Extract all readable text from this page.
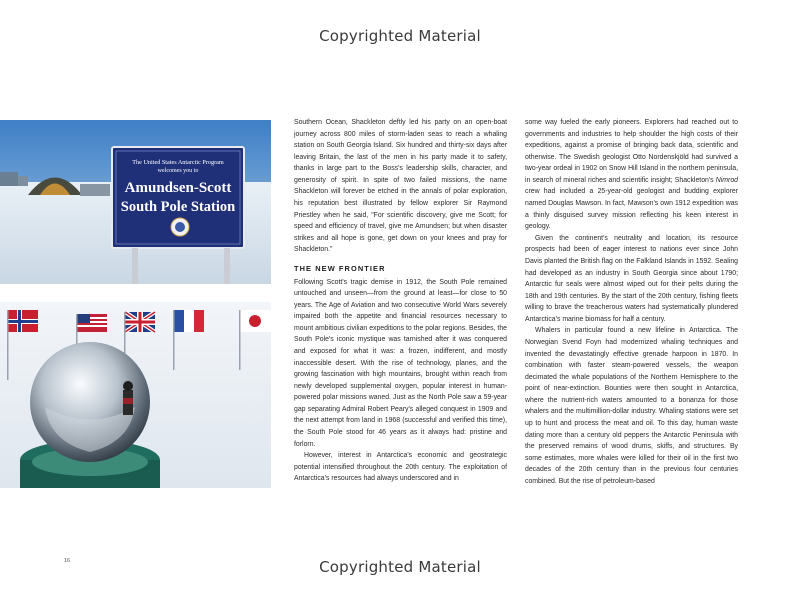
Copyrighted Material
The United States Antarctic Program
welcomes you to
Amundsen-Scott
South Pole Station

Southern Ocean, Shackleton deftly led his party on an open-boat journey across 800 miles of storm-laden seas to reach a whaling station on South Georgia Island. Six hundred and thirty-six days after leaving Britain, the last of the men in his party made it to safety, thanks in large part to the Boss's leadership skills, character, and generosity of spirit. In spite of two failed missions, the name Shackleton will forever be etched in the annals of polar exploration, his reputation best illustrated by fellow explorer Sir Raymond Priestley when he said, "For scientific discovery, give me Scott; for speed and efficiency of travel, give me Amundsen; but when disaster strikes and all hope is gone, get down on your knees and pray for Shackleton."

THE NEW FRONTIER

Following Scott's tragic demise in 1912, the South Pole remained untouched and unseen—from the ground at least—for close to 50 years. The Age of Aviation and two consecutive World Wars severely impaired both the appetite and financial resources necessary to mount ambitious civilian expeditions to the polar regions. Besides, the South Pole's iconic mystique was tarnished after it was conquered and exposed for what it was: a frozen, indifferent, and mostly inaccessible desert. With the rise of technology, planes, and the growing fascination with high mountains, brought within reach from newly developed supplemental oxygen, popular interest in human-powered polar missions waned. Just as the North Pole saw a 59-year gap separating Admiral Robert Peary's alleged conquest in 1909 and the next attempt from land in 1968 (successful and verified this time), the South Pole stood for 46 years as it always had: pristine and forlorn.

However, interest in Antarctica's economic and geostrategic potential intensified throughout the 20th century. The exploitation of Antarctica's resources had always underscored and in

some way fueled the early pioneers. Explorers had reached out to governments and industries to help shoulder the high costs of their expeditions, against a promise of bringing back data, scientific and otherwise. The Swedish geologist Otto Nordenskjöld had survived a two-year ordeal in 1902 on Snow Hill Island in the northern peninsula, in search of mineral riches and scientific insight; Shackleton's Nimrod crew had included a 25-year-old geologist and budding explorer named Douglas Mawson. In fact, Mawson's own 1912 expedition was a thinly disguised survey mission reflecting his keen interest in geology.

Given the continent's neutrality and location, its resource prospects had been of eager interest to nations ever since John Davis planted the British flag on the Falkland Islands in 1592. Sealing had developed as an industry in South Georgia since about 1790; Antarctic fur seals were almost wiped out for their pelts during the 18th and 19th centuries. By the start of the 20th century, fishing fleets willing to brave the treacherous waters had systematically plundered Antarctica's marine biomass for half a century.

Whalers in particular found a new lifeline in Antarctica. The Norwegian Svend Foyn had modernized whaling techniques and invented the devastatingly effective grenade harpoon in 1870. In combination with faster steam-powered vessels, the weapon decimated the whale populations of the Northern Hemisphere to the point of near-extinction. Bounties were then sought in Antarctica, where the nutrient-rich waters amounted to a bonanza for those whalers and the multimillion-dollar industry. Whaling stations were set up to hunt and process the meat and oil. To this day, human waste dating more than a century old peppers the Antarctic Peninsula with the preserved remains of wood drums, skiffs, and structures. By some estimates, more whales were killed for their oil in the first two decades of the 20th century than in the previous four centuries combined. But the rise of petroleum-based

16	Copyrighted Material
